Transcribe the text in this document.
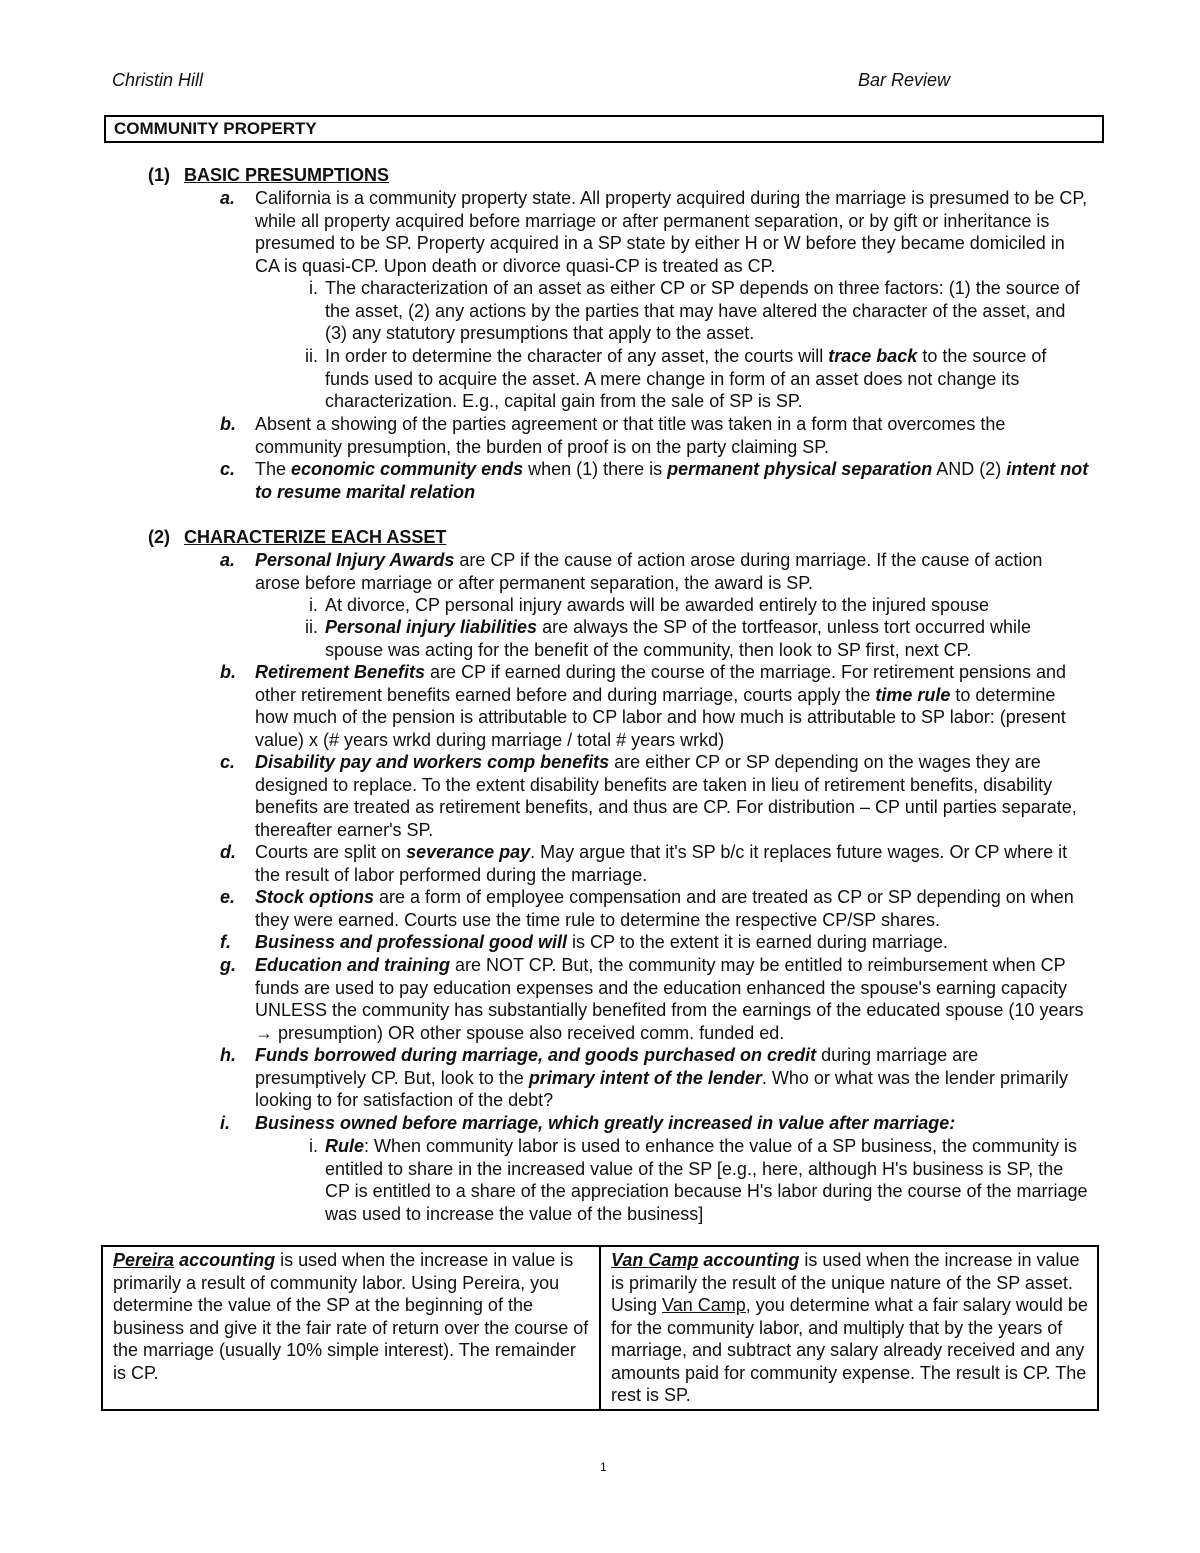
Christin Hill	Bar Review
COMMUNITY PROPERTY
(1) BASIC PRESUMPTIONS
a. California is a community property state. All property acquired during the marriage is presumed to be CP, while all property acquired before marriage or after permanent separation, or by gift or inheritance is presumed to be SP. Property acquired in a SP state by either H or W before they became domiciled in CA is quasi-CP. Upon death or divorce quasi-CP is treated as CP.
i. The characterization of an asset as either CP or SP depends on three factors: (1) the source of the asset, (2) any actions by the parties that may have altered the character of the asset, and (3) any statutory presumptions that apply to the asset.
ii. In order to determine the character of any asset, the courts will trace back to the source of funds used to acquire the asset. A mere change in form of an asset does not change its characterization. E.g., capital gain from the sale of SP is SP.
b. Absent a showing of the parties agreement or that title was taken in a form that overcomes the community presumption, the burden of proof is on the party claiming SP.
c. The economic community ends when (1) there is permanent physical separation AND (2) intent not to resume marital relation
(2) CHARACTERIZE EACH ASSET
a. Personal Injury Awards are CP if the cause of action arose during marriage. If the cause of action arose before marriage or after permanent separation, the award is SP.
i. At divorce, CP personal injury awards will be awarded entirely to the injured spouse
ii. Personal injury liabilities are always the SP of the tortfeasor, unless tort occurred while spouse was acting for the benefit of the community, then look to SP first, next CP.
b. Retirement Benefits are CP if earned during the course of the marriage. For retirement pensions and other retirement benefits earned before and during marriage, courts apply the time rule to determine how much of the pension is attributable to CP labor and how much is attributable to SP labor: (present value) x (# years wrkd during marriage / total # years wrkd)
c. Disability pay and workers comp benefits are either CP or SP depending on the wages they are designed to replace. To the extent disability benefits are taken in lieu of retirement benefits, disability benefits are treated as retirement benefits, and thus are CP. For distribution – CP until parties separate, thereafter earner's SP.
d. Courts are split on severance pay. May argue that it's SP b/c it replaces future wages. Or CP where it the result of labor performed during the marriage.
e. Stock options are a form of employee compensation and are treated as CP or SP depending on when they were earned. Courts use the time rule to determine the respective CP/SP shares.
f. Business and professional good will is CP to the extent it is earned during marriage.
g. Education and training are NOT CP. But, the community may be entitled to reimbursement when CP funds are used to pay education expenses and the education enhanced the spouse's earning capacity UNLESS the community has substantially benefited from the earnings of the educated spouse (10 years → presumption) OR other spouse also received comm. funded ed.
h. Funds borrowed during marriage, and goods purchased on credit during marriage are presumptively CP. But, look to the primary intent of the lender. Who or what was the lender primarily looking to for satisfaction of the debt?
i. Business owned before marriage, which greatly increased in value after marriage:
i. Rule: When community labor is used to enhance the value of a SP business, the community is entitled to share in the increased value of the SP [e.g., here, although H's business is SP, the CP is entitled to a share of the appreciation because H's labor during the course of the marriage was used to increase the value of the business]
Pereira accounting is used when the increase in value is primarily a result of community labor. Using Pereira, you determine the value of the SP at the beginning of the business and give it the fair rate of return over the course of the marriage (usually 10% simple interest). The remainder is CP.	Van Camp accounting is used when the increase in value is primarily the result of the unique nature of the SP asset. Using Van Camp, you determine what a fair salary would be for the community labor, and multiply that by the years of marriage, and subtract any salary already received and any amounts paid for community expense. The result is CP. The rest is SP.
1
